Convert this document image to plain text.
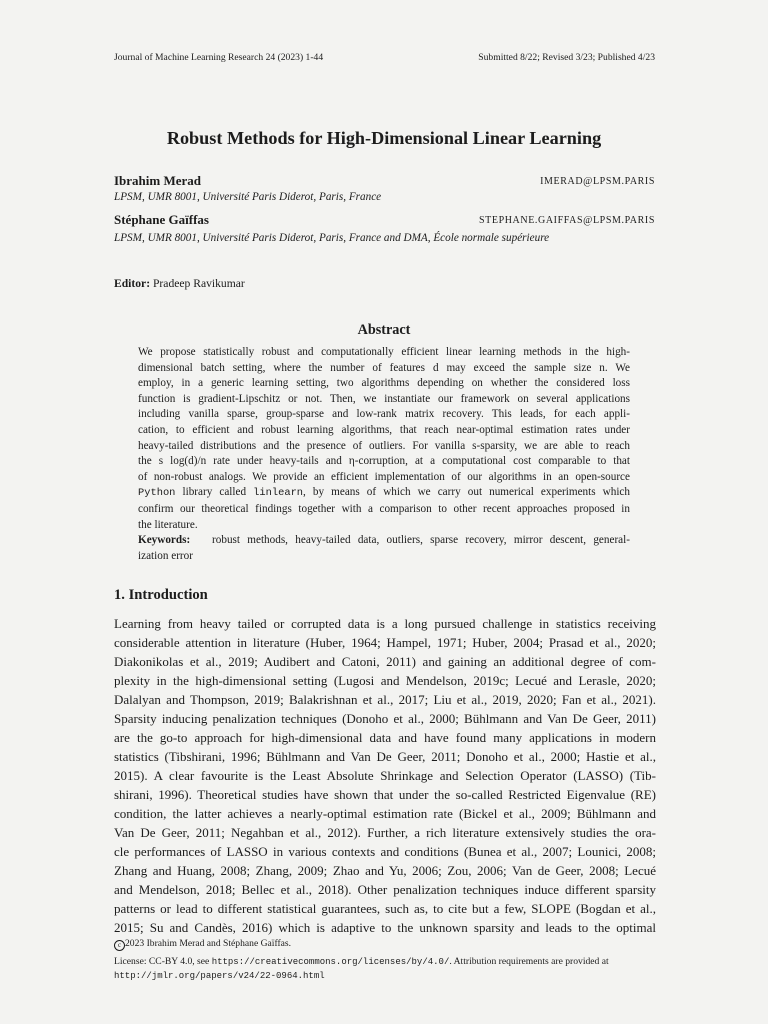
Journal of Machine Learning Research 24 (2023) 1-44	Submitted 8/22; Revised 3/23; Published 4/23
Robust Methods for High-Dimensional Linear Learning
Ibrahim Merad	IMERAD@LPSM.PARIS
LPSM, UMR 8001, Université Paris Diderot, Paris, France
Stéphane Gaïffas	STEPHANE.GAIFFAS@LPSM.PARIS
LPSM, UMR 8001, Université Paris Diderot, Paris, France and DMA, École normale supérieure
Editor: Pradeep Ravikumar
Abstract
We propose statistically robust and computationally efficient linear learning methods in the high-
dimensional batch setting, where the number of features d may exceed the sample size n. We
employ, in a generic learning setting, two algorithms depending on whether the considered loss
function is gradient-Lipschitz or not. Then, we instantiate our framework on several applications
including vanilla sparse, group-sparse and low-rank matrix recovery. This leads, for each appli-
cation, to efficient and robust learning algorithms, that reach near-optimal estimation rates under
heavy-tailed distributions and the presence of outliers. For vanilla s-sparsity, we are able to reach
the s log(d)/n rate under heavy-tails and η-corruption, at a computational cost comparable to that
of non-robust analogs. We provide an efficient implementation of our algorithms in an open-source
Python library called linlearn, by means of which we carry out numerical experiments which
confirm our theoretical findings together with a comparison to other recent approaches proposed in
the literature.
Keywords: robust methods, heavy-tailed data, outliers, sparse recovery, mirror descent, general-
ization error
1. Introduction
Learning from heavy tailed or corrupted data is a long pursued challenge in statistics receiving
considerable attention in literature (Huber, 1964; Hampel, 1971; Huber, 2004; Prasad et al., 2020;
Diakonikolas et al., 2019; Audibert and Catoni, 2011) and gaining an additional degree of com-
plexity in the high-dimensional setting (Lugosi and Mendelson, 2019c; Lecué and Lerasle, 2020;
Dalalyan and Thompson, 2019; Balakrishnan et al., 2017; Liu et al., 2019, 2020; Fan et al., 2021).
Sparsity inducing penalization techniques (Donoho et al., 2000; Bühlmann and Van De Geer, 2011)
are the go-to approach for high-dimensional data and have found many applications in modern
statistics (Tibshirani, 1996; Bühlmann and Van De Geer, 2011; Donoho et al., 2000; Hastie et al.,
2015). A clear favourite is the Least Absolute Shrinkage and Selection Operator (LASSO) (Tib-
shirani, 1996). Theoretical studies have shown that under the so-called Restricted Eigenvalue (RE)
condition, the latter achieves a nearly-optimal estimation rate (Bickel et al., 2009; Bühlmann and
Van De Geer, 2011; Negahban et al., 2012). Further, a rich literature extensively studies the ora-
cle performances of LASSO in various contexts and conditions (Bunea et al., 2007; Lounici, 2008;
Zhang and Huang, 2008; Zhang, 2009; Zhao and Yu, 2006; Zou, 2006; Van de Geer, 2008; Lecué
and Mendelson, 2018; Bellec et al., 2018). Other penalization techniques induce different sparsity
patterns or lead to different statistical guarantees, such as, to cite but a few, SLOPE (Bogdan et al.,
2015; Su and Candès, 2016) which is adaptive to the unknown sparsity and leads to the optimal
c 2023 Ibrahim Merad and Stéphane Gaïffas.
License: CC-BY 4.0, see https://creativecommons.org/licenses/by/4.0/. Attribution requirements are provided at
http://jmlr.org/papers/v24/22-0964.html
